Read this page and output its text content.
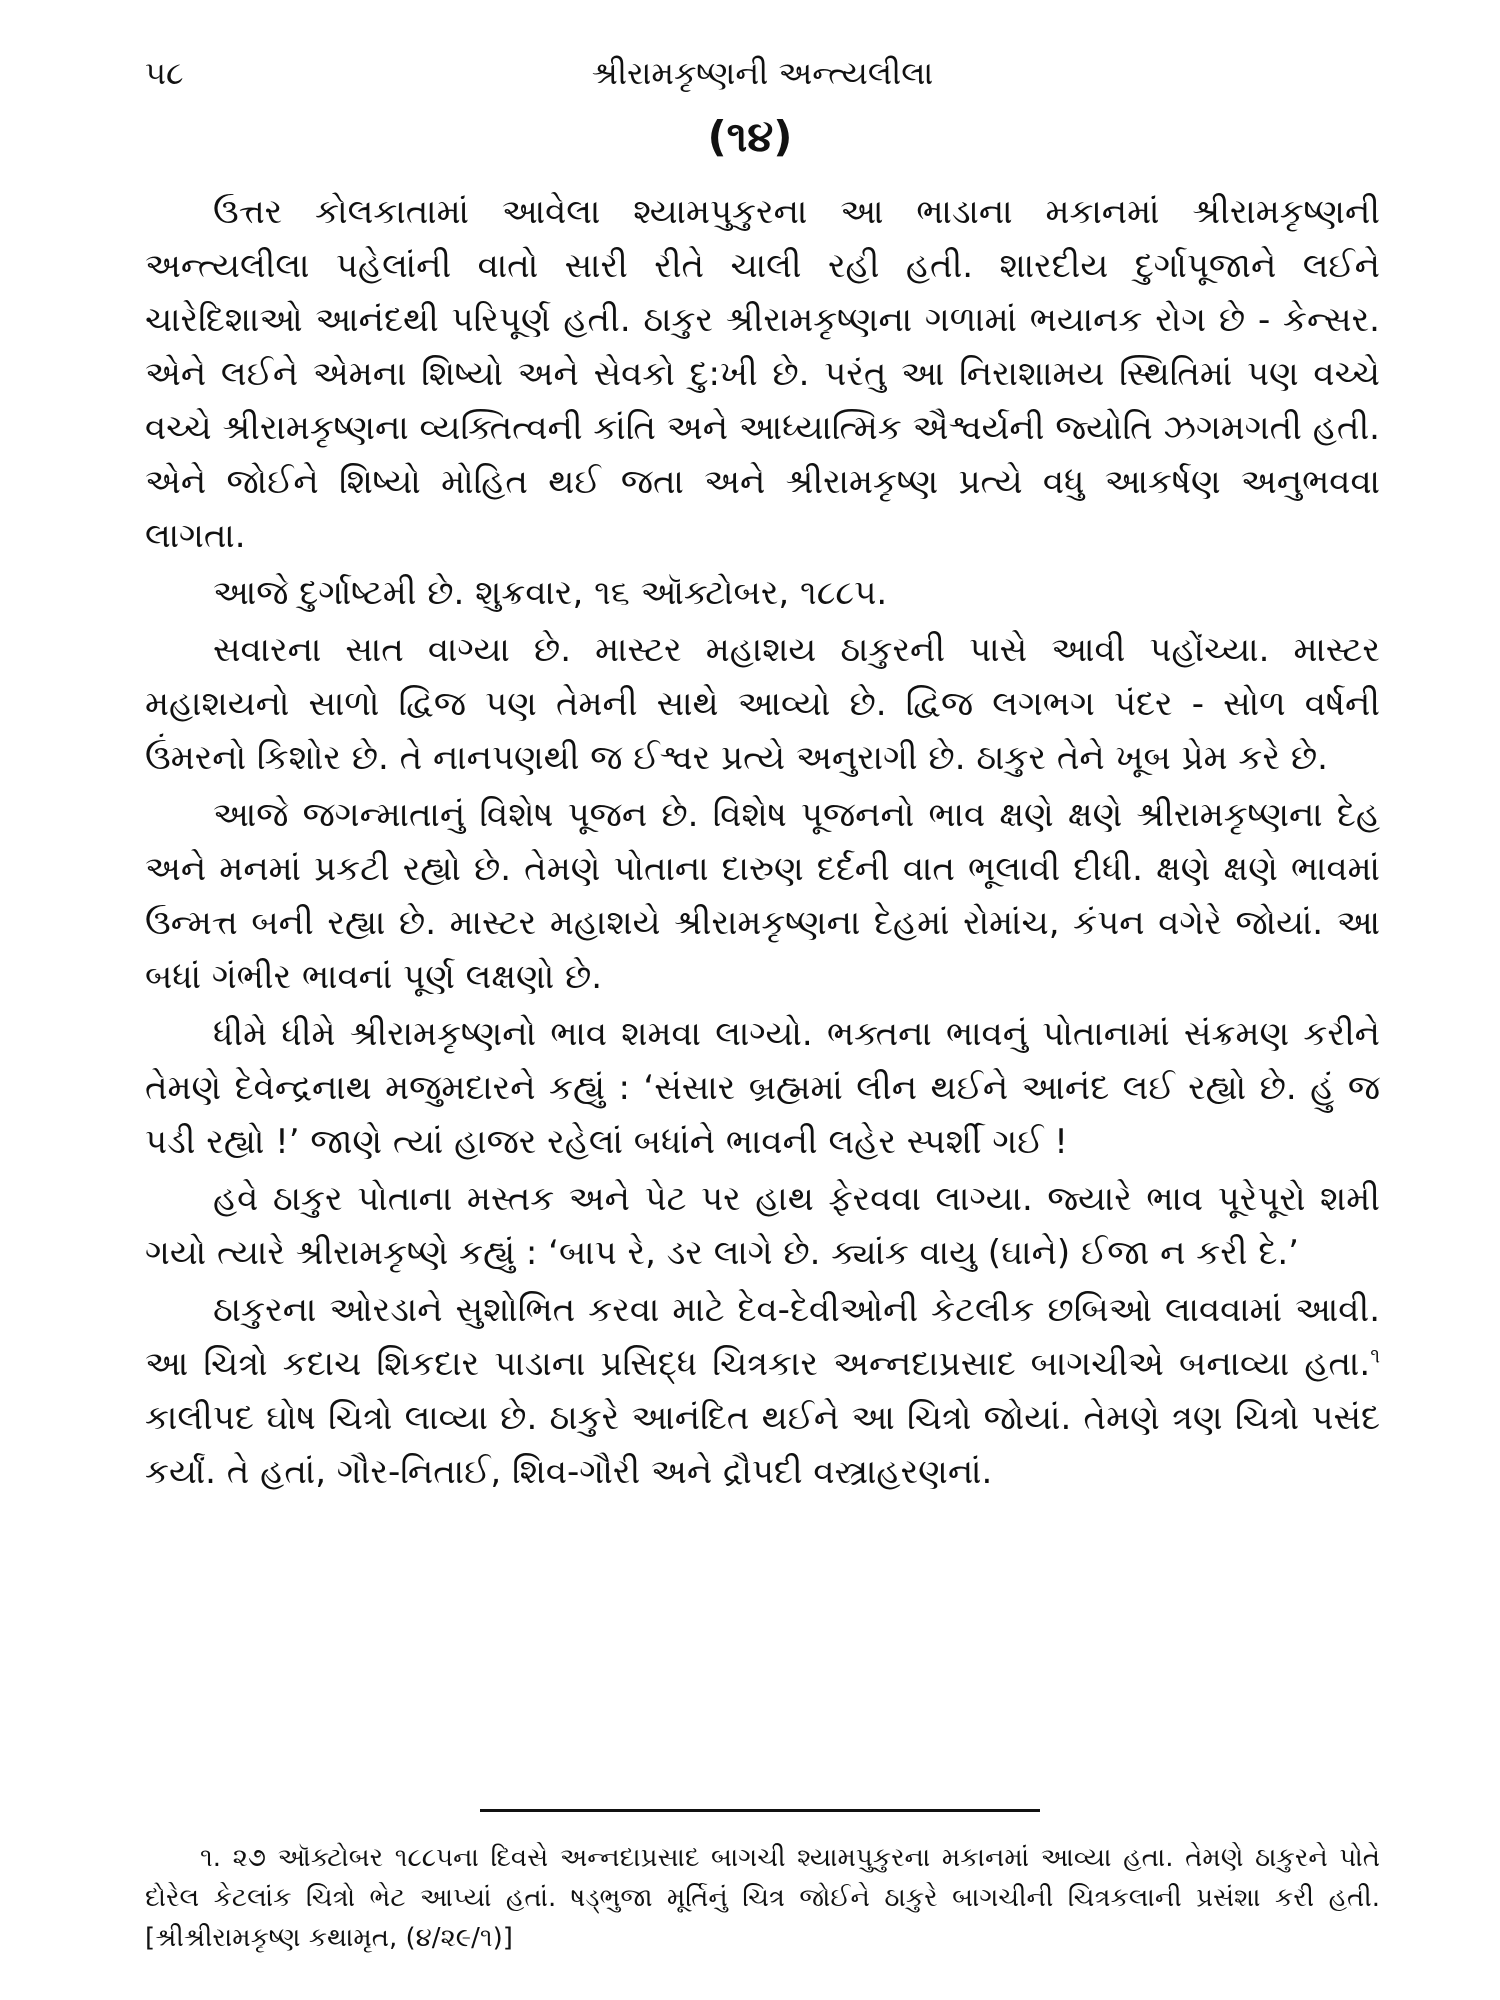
૫૮	શ્રીરામકૃષ્ણની અન્ત્યલીલા
(૧૪)

ઉત્તર કોલકાતામાં આવેલા શ્યામપુકુરના આ ભાડાના મકાનમાં શ્રીરામકૃષ્ણની અન્ત્યલીલા પહેલાંની વાતો સારી રીતે ચાલી રહી હતી. શારદીય દુર્ગાપૂજાને લઈને ચારેદિશાઓ આનંદથી પરિપૂર્ણ હતી. ઠાકુર શ્રીરામકૃષ્ણના ગળામાં ભયાનક રોગ છે - કેન્સર. એને લઈને એમના શિષ્યો અને સેવકો દુ:ખી છે. પરંતુ આ નિરાશામય સ્થિતિમાં પણ વચ્ચે વચ્ચે શ્રીરામકૃષ્ણના વ્યક્તિત્વની કાંતિ અને આધ્યાત્મિક ઐશ્વર્યની જ્યોતિ ઝગમગતી હતી. એને જોઈને શિષ્યો મોહિત થઈ જતા અને શ્રીરામકૃષ્ણ પ્રત્યે વધુ આકર્ષણ અનુભવવા લાગતા.

આજે દુર્ગાષ્ટમી છે. શુક્રવાર, ૧૬ ઑક્ટોબર, ૧૮૮૫.

સવારના સાત વાગ્યા છે. માસ્ટર મહાશય ઠાકુરની પાસે આવી પહોંચ્યા. માસ્ટર મહાશયનો સાળો દ્વિજ પણ તેમની સાથે આવ્યો છે. દ્વિજ લગભગ પંદર - સોળ વર્ષની ઉંમરનો કિશોર છે. તે નાનપણથી જ ઈશ્વર પ્રત્યે અનુરાગી છે. ઠાકુર તેને ખૂબ પ્રેમ કરે છે.

આજે જગન્માતાનું વિશેષ પૂજન છે. વિશેષ પૂજનનો ભાવ ક્ષણે ક્ષણે શ્રીરામકૃષ્ણના દેહ અને મનમાં પ્રકટી રહ્યો છે. તેમણે પોતાના દારુણ દર્દની વાત ભૂલાવી દીધી. ક્ષણે ક્ષણે ભાવમાં ઉન્મત્ત બની રહ્યા છે. માસ્ટર મહાશયે શ્રીરામકૃષ્ણના દેહમાં રોમાંચ, કંપન વગેરે જોયાં. આ બધાં ગંભીર ભાવનાં પૂર્ણ લક્ષણો છે.

ધીમે ધીમે શ્રીરામકૃષ્ણનો ભાવ શમવા લાગ્યો. ભક્તના ભાવનું પોતાનામાં સંક્રમણ કરીને તેમણે દેવેન્દ્રનાથ મજુમદારને કહ્યું : ‘સંસાર બ્રહ્મમાં લીન થઈને આનંદ લઈ રહ્યો છે. હું જ પડી રહ્યો !’ જાણે ત્યાં હાજર રહેલાં બધાંને ભાવની લહેર સ્પર્શી ગઈ !

હવે ઠાકુર પોતાના મસ્તક અને પેટ પર હાથ ફેરવવા લાગ્યા. જ્યારે ભાવ પૂરેપૂરો શમી ગયો ત્યારે શ્રીરામકૃષ્ણે કહ્યું : ‘બાપ રે, ડર લાગે છે. ક્યાંક વાયુ (ઘાને) ઈજા ન કરી દે.’

ઠાકુરના ઓરડાને સુશોભિત કરવા માટે દેવ-દેવીઓની કેટલીક છબિઓ લાવવામાં આવી. આ ચિત્રો કદાચ શિકદાર પાડાના પ્રસિદ્ધ ચિત્રકાર અન્નદાપ્રસાદ બાગચીએ બનાવ્યા હતા.$^૧$ કાલીપદ ઘોષ ચિત્રો લાવ્યા છે. ઠાકુરે આનંદિત થઈને આ ચિત્રો જોયાં. તેમણે ત્રણ ચિત્રો પસંદ કર્યાં. તે હતાં, ગૌર-નિતાઈ, શિવ-ગૌરી અને દ્રૌપદી વસ્ત્રાહરણનાં.

૧. ૨૭ ઑક્ટોબર ૧૮૮૫ના દિવસે અન્નદાપ્રસાદ બાગચી શ્યામપુકુરના મકાનમાં આવ્યા હતા. તેમણે ઠાકુરને પોતે દોરેલ કેટલાંક ચિત્રો ભેટ આપ્યાં હતાં. ષડ્ભુજા મૂર્તિનું ચિત્ર જોઈને ઠાકુરે બાગચીની ચિત્રકલાની પ્રસંશા કરી હતી. [શ્રીશ્રીરામકૃષ્ણ કથામૃત, (૪/૨૯/૧)]
